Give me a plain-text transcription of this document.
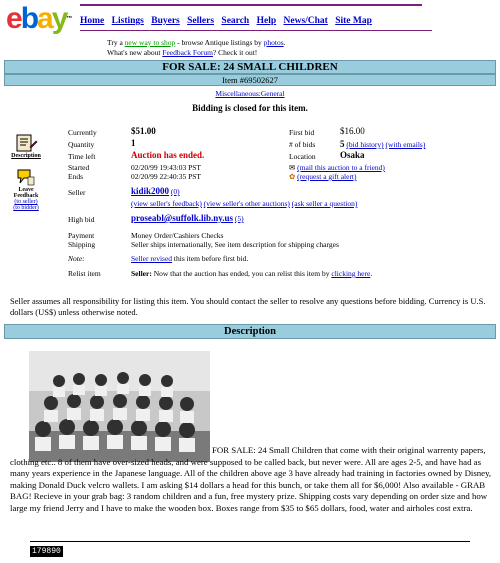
ebay™ Home Listings Buyers Sellers Search Help News/Chat Site Map
Try a new way to shop - browse Antique listings by photos.
What's new about Feedback Forum? Check it out!
FOR SALE: 24 SMALL CHILDREN
Item #69502627
Miscellaneous:General
Bidding is closed for this item.
Description
Leave Feedback
(to seller)
(to bidder)
Currently	$51.00
Quantity	1
Time left	Auction has ended.
Started	02/20/99 19:43:03 PST
Ends	02/20/99 22:40:35 PST
First bid	$16.00
# of bids	5 (bid history) (with emails)
Location	Osaka
✉ (mail this auction to a friend)
✿ (request a gift alert)
Seller	kidik2000 (0)
(view seller's feedback) (view seller's other auctions) (ask seller a question)
High bid	proseabl@suffolk.lib.ny.us (5)
Payment	Money Order/Cashiers Checks
Shipping	Seller ships internationally, See item description for shipping charges
Note:	Seller revised this item before first bid.
Relist item	Seller: Now that the auction has ended, you can relist this item by clicking here.
Seller assumes all responsibility for listing this item. You should contact the seller to resolve any questions before bidding. Currency is U.S. dollars (US$) unless otherwise noted.
Description
FOR SALE: 24 Small Children that come with their original warrenty papers, clothing etc.. 8 of them have over-sized heads, and were supposed to be called back, but never were. All are ages 2-5, and have had as many years experience in the Japanese language. All of the children above age 3 have already had training in factories owned by Disney, making Donald Duck velcro wallets. I am asking $14 dollars a head for this bunch, or take them all for $6,000! Also available - GRAB BAG! Recieve in your grab bag: 3 random children and a fun, free mystery prize. Shipping costs vary depending on order size and how large my friend Jerry and I have to make the wooden box. Boxes range from $35 to $65 dollars, food, water and airholes cost extra.
179890
